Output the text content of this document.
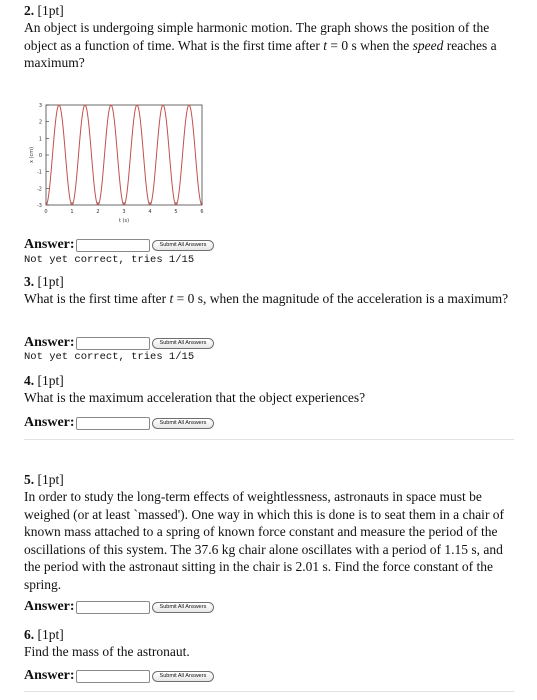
2. [1pt]

An object is undergoing simple harmonic motion. The graph shows the position of the object as a function of time. What is the first time after t = 0 s when the speed reaches a maximum?

3
2
1
0
-1
-2
-3
0	1	2	3	4	5	6
t (s)
x (cm)
Answer:	Submit All Answers
Not yet correct, tries 1/15
3. [1pt]

What is the first time after t = 0 s, when the magnitude of the acceleration is a maximum?

Answer:	Submit All Answers
Not yet correct, tries 1/15
4. [1pt]

What is the maximum acceleration that the object experiences?

Answer:	Submit All Answers
5. [1pt]

In order to study the long-term effects of weightlessness, astronauts in space must be weighed (or at least `massed'). One way in which this is done is to seat them in a chair of known mass attached to a spring of known force constant and measure the period of the oscillations of this system. The 37.6 kg chair alone oscillates with a period of 1.15 s, and the period with the astronaut sitting in the chair is 2.01 s. Find the force constant of the spring.

Answer:	Submit All Answers
6. [1pt]

Find the mass of the astronaut.

Answer:	Submit All Answers
